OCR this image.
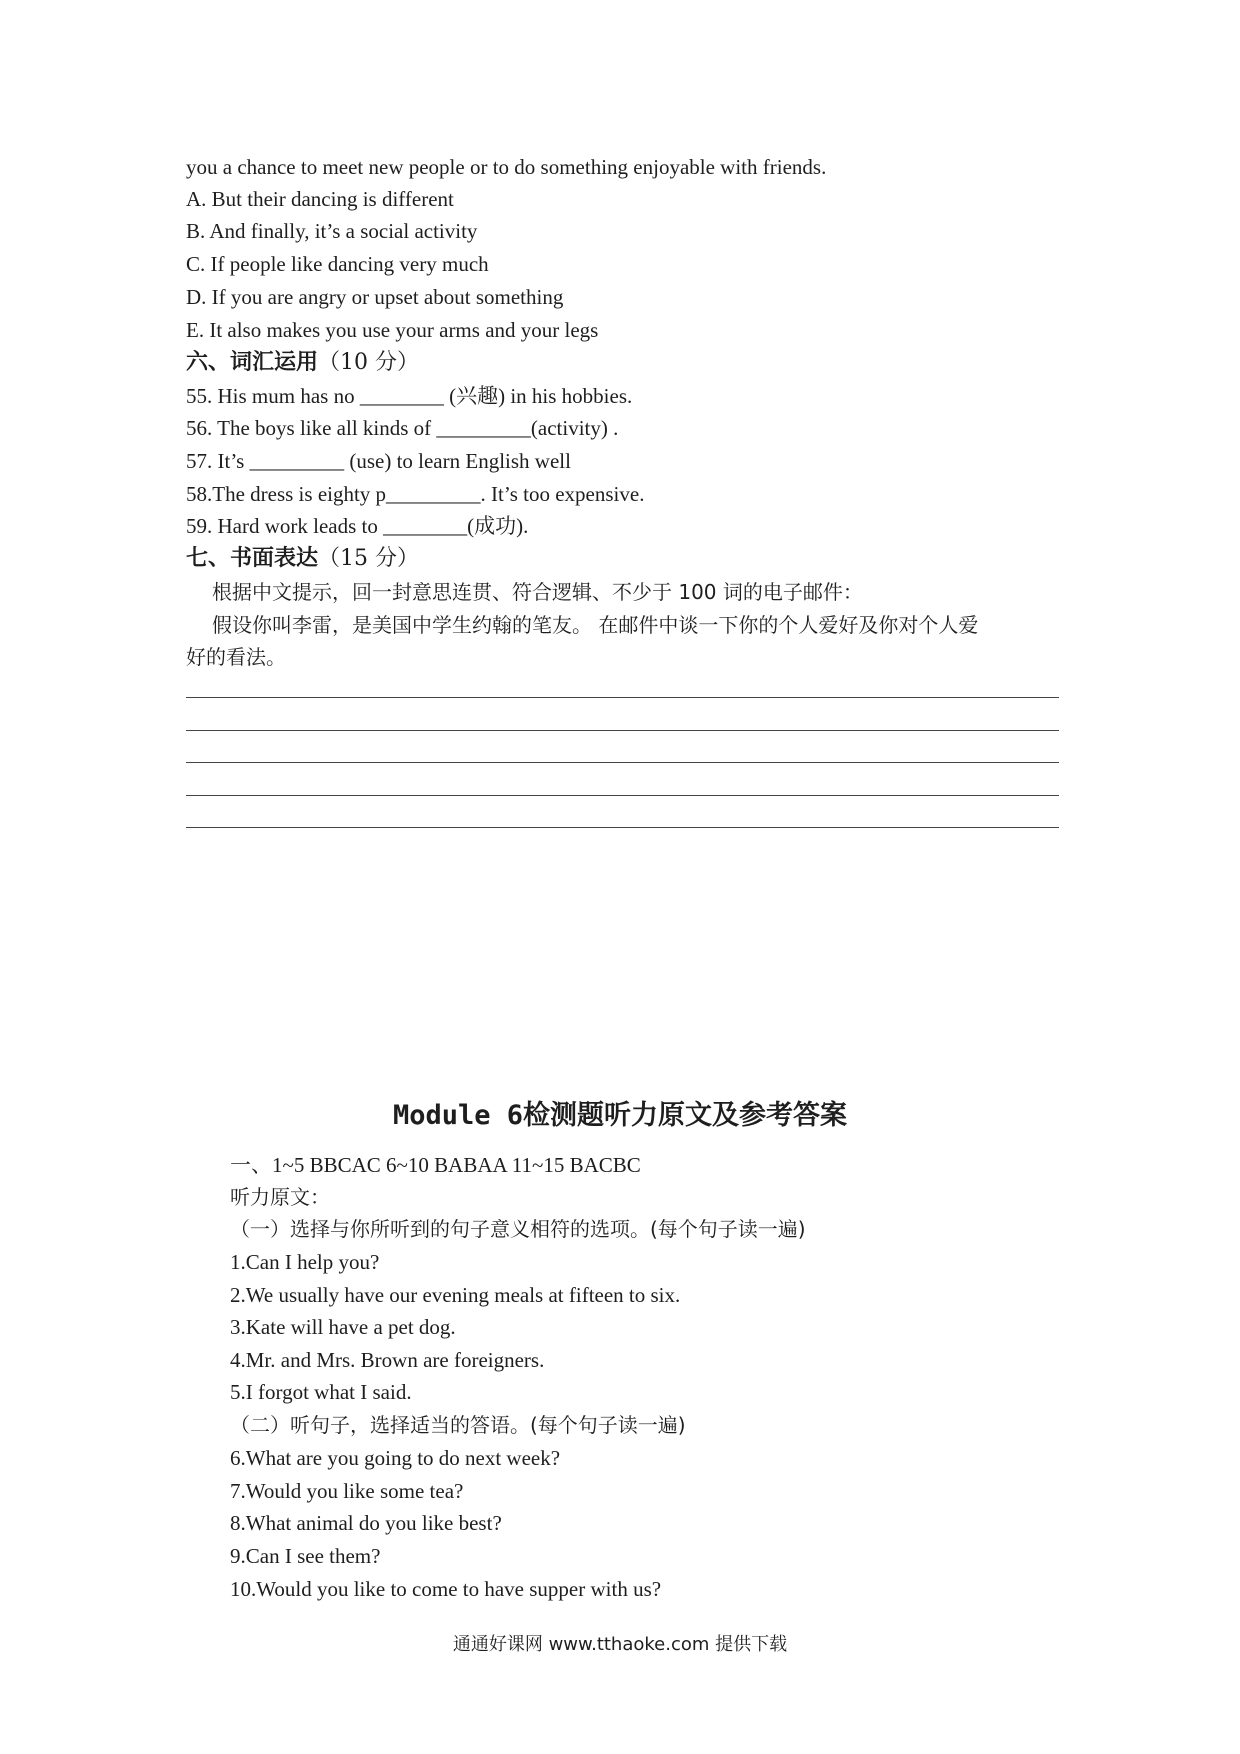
you a chance to meet new people or to do something enjoyable with friends.
A. But their dancing is different
B. And finally, it’s a social activity
C. If people like dancing very much
D. If you are angry or upset about something
E. It also makes you use your arms and your legs
六、词汇运用（10 分）
55. His mum has no ________ (兴趣) in his hobbies.
56. The boys like all kinds of _________(activity) .
57. It’s _________ (use) to learn English well
58.The dress is eighty p_________. It’s too expensive.
59. Hard work leads to ________(成功).
七、书面表达（15 分）
根据中文提示，回一封意思连贯、符合逻辑、不少于 100 词的电子邮件：
假设你叫李雷，是美国中学生约翰的笔友。 在邮件中谈一下你的个人爱好及你对个人爱
好的看法。
Module 6检测题听力原文及参考答案
一、1~5 BBCAC 6~10 BABAA 11~15 BACBC
听力原文：
（一）选择与你所听到的句子意义相符的选项。(每个句子读一遍)
1.Can I help you?
2.We usually have our evening meals at fifteen to six.
3.Kate will have a pet dog.
4.Mr. and Mrs. Brown are foreigners.
5.I forgot what I said.
（二）听句子，选择适当的答语。(每个句子读一遍)
6.What are you going to do next week?
7.Would you like some tea?
8.What animal do you like best?
9.Can I see them?
10.Would you like to come to have supper with us?
通通好课网 www.tthaoke.com 提供下载
